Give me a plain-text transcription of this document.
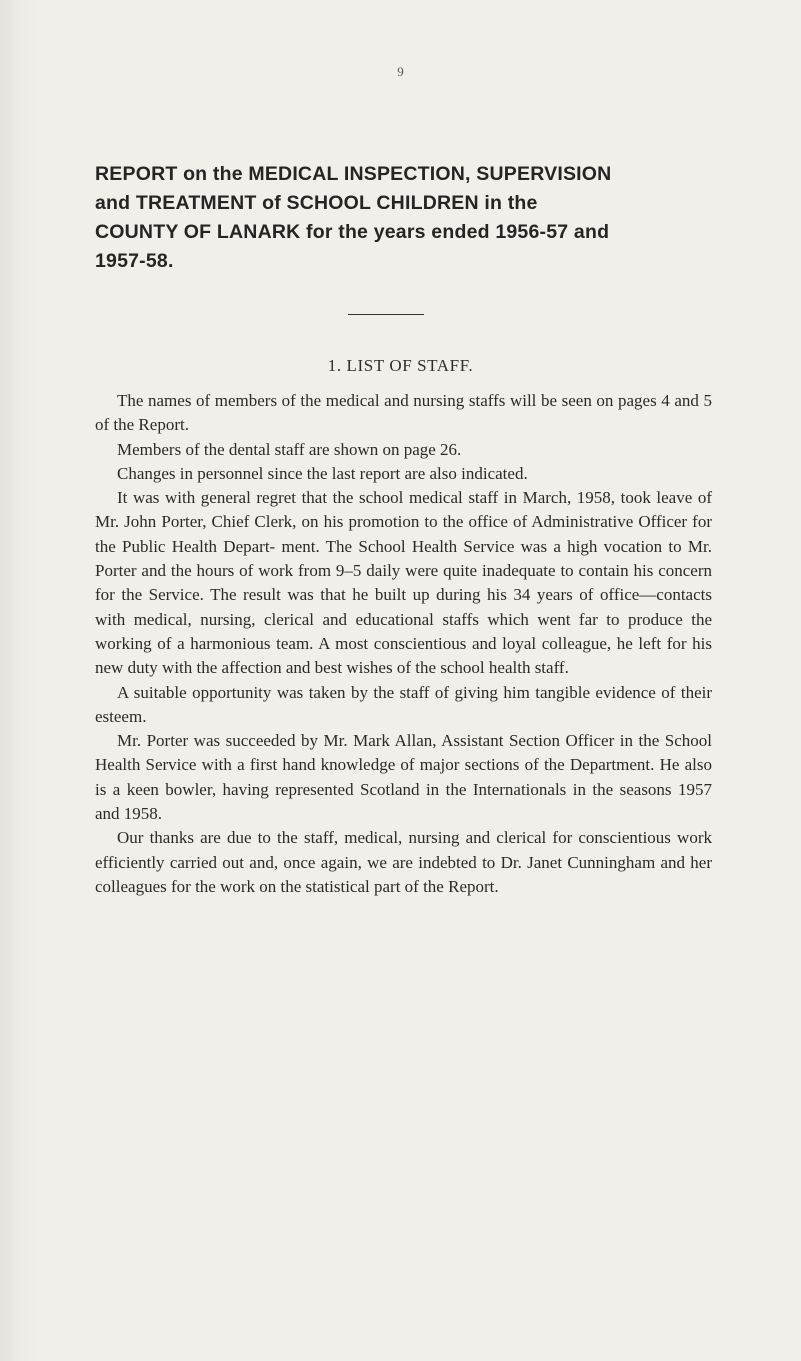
9
REPORT on the MEDICAL INSPECTION, SUPERVISION
and TREATMENT of SCHOOL CHILDREN in the
COUNTY OF LANARK for the years ended 1956-57 and
1957-58.
1. LIST OF STAFF.

The names of members of the medical and nursing staffs will be seen on pages 4 and 5 of the Report.

Members of the dental staff are shown on page 26.

Changes in personnel since the last report are also indicated.

It was with general regret that the school medical staff in March, 1958, took leave of Mr. John Porter, Chief Clerk, on his promotion to the office of Administrative Officer for the Public Health Depart- ment. The School Health Service was a high vocation to Mr. Porter and the hours of work from 9–5 daily were quite inadequate to contain his concern for the Service. The result was that he built up during his 34 years of office—contacts with medical, nursing, clerical and educational staffs which went far to produce the working of a harmonious team. A most conscientious and loyal colleague, he left for his new duty with the affection and best wishes of the school health staff.

A suitable opportunity was taken by the staff of giving him tangible evidence of their esteem.

Mr. Porter was succeeded by Mr. Mark Allan, Assistant Section Officer in the School Health Service with a first hand knowledge of major sections of the Department. He also is a keen bowler, having represented Scotland in the Internationals in the seasons 1957 and 1958.

Our thanks are due to the staff, medical, nursing and clerical for conscientious work efficiently carried out and, once again, we are indebted to Dr. Janet Cunningham and her colleagues for the work on the statistical part of the Report.
